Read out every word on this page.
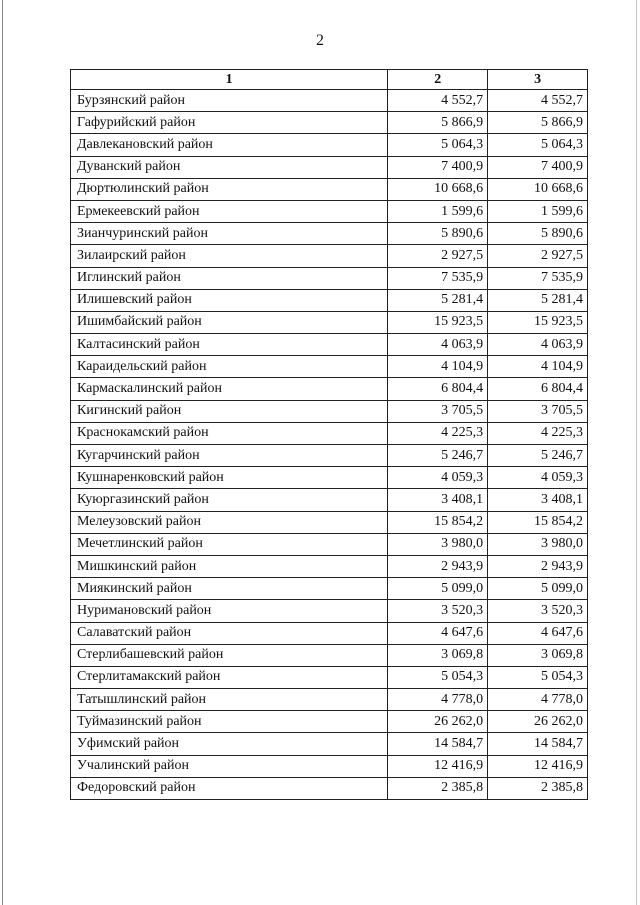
2
1	2	3
Бурзянский район	4 552,7	4 552,7
Гафурийский район	5 866,9	5 866,9
Давлекановский район	5 064,3	5 064,3
Дуванский район	7 400,9	7 400,9
Дюртюлинский район	10 668,6	10 668,6
Ермекеевский район	1 599,6	1 599,6
Зианчуринский район	5 890,6	5 890,6
Зилаирский район	2 927,5	2 927,5
Иглинский район	7 535,9	7 535,9
Илишевский район	5 281,4	5 281,4
Ишимбайский район	15 923,5	15 923,5
Калтасинский район	4 063,9	4 063,9
Караидельский район	4 104,9	4 104,9
Кармаскалинский район	6 804,4	6 804,4
Кигинский район	3 705,5	3 705,5
Краснокамский район	4 225,3	4 225,3
Кугарчинский район	5 246,7	5 246,7
Кушнаренковский район	4 059,3	4 059,3
Куюргазинский район	3 408,1	3 408,1
Мелеузовский район	15 854,2	15 854,2
Мечетлинский район	3 980,0	3 980,0
Мишкинский район	2 943,9	2 943,9
Миякинский район	5 099,0	5 099,0
Нуримановский район	3 520,3	3 520,3
Салаватский район	4 647,6	4 647,6
Стерлибашевский район	3 069,8	3 069,8
Стерлитамакский район	5 054,3	5 054,3
Татышлинский район	4 778,0	4 778,0
Туймазинский район	26 262,0	26 262,0
Уфимский район	14 584,7	14 584,7
Учалинский район	12 416,9	12 416,9
Федоровский район	2 385,8	2 385,8
